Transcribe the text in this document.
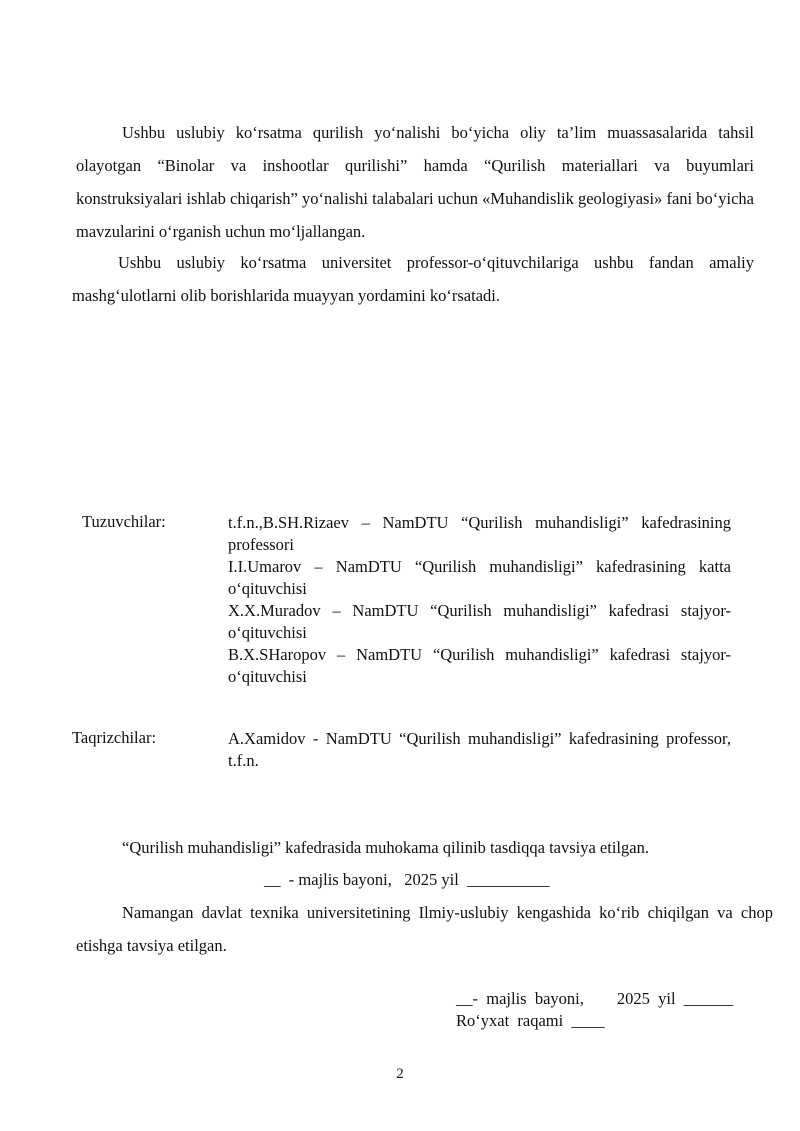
Ushbu uslubiy ko‘rsatma qurilish yo‘nalishi bo‘yicha oliy ta’lim muassasalarida tahsil olayotgan “Binolar va inshootlar qurilishi” hamda “Qurilish materiallari va buyumlari konstruksiyalari ishlab chiqarish” yo‘nalishi talabalari uchun «Muhandislik geologiyasi» fani bo‘yicha mavzularini o‘rganish uchun mo‘ljallangan.
Ushbu uslubiy ko‘rsatma universitet professor-o‘qituvchilariga ushbu fandan amaliy mashg‘ulotlarni olib borishlarida muayyan yordamini ko‘rsatadi.
Tuzuvchilar:	t.f.n.,B.SH.Rizaev – NamDTU “Qurilish muhandisligi” kafedrasining professori
I.I.Umarov – NamDTU “Qurilish muhandisligi” kafedrasining katta o‘qituvchisi
X.X.Muradov – NamDTU “Qurilish muhandisligi” kafedrasi stajyor-o‘qituvchisi
B.X.SHaropov – NamDTU “Qurilish muhandisligi” kafedrasi stajyor-o‘qituvchisi
Taqrizchilar:	A.Xamidov - NamDTU “Qurilish muhandisligi” kafedrasining professor, t.f.n.
“Qurilish muhandisligi” kafedrasida muhokama qilinib tasdiqqa tavsiya etilgan.
__  - majlis bayoni,   2025 yil  __________
Namangan davlat texnika universitetining Ilmiy-uslubiy kengashida ko‘rib chiqilgan va chop etishga tavsiya etilgan.
__-  majlis  bayoni,        2025  yil  ______
Ro‘yxat  raqami  ____
2
